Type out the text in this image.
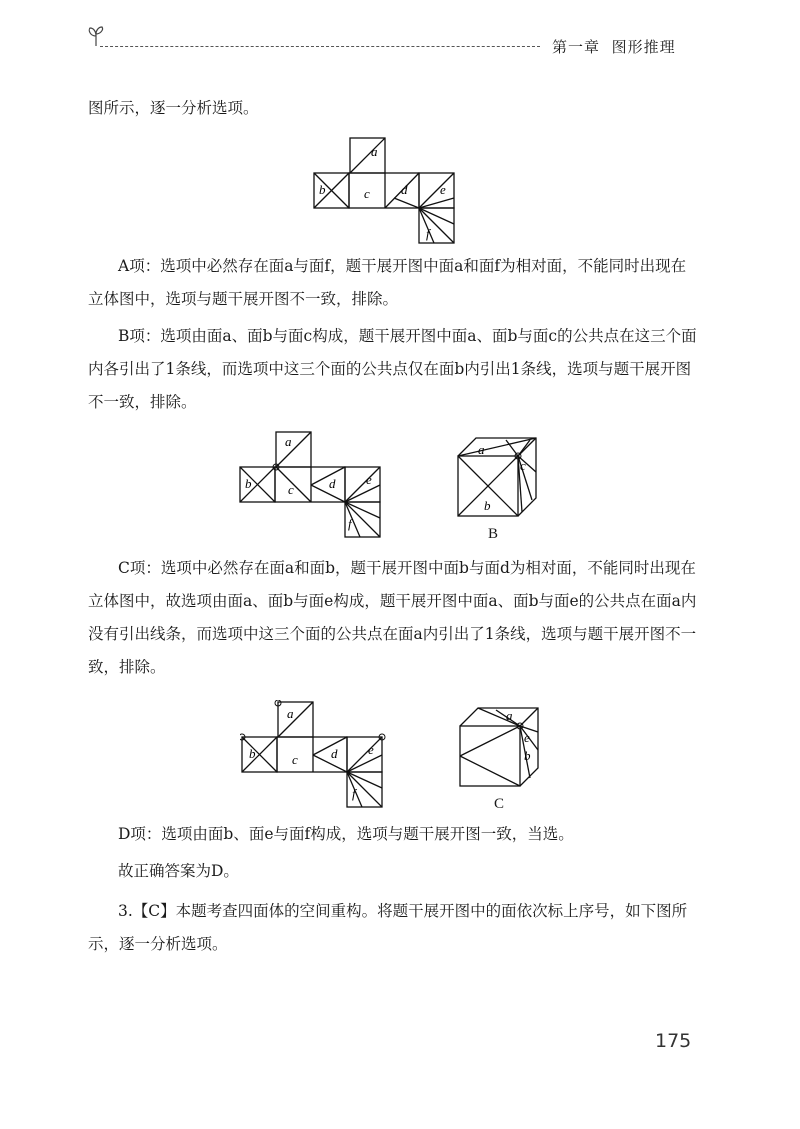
第一章 图形推理

图所示，逐一分析选项。

a
b	c d	e
f

A项：选项中必然存在面a与面f，题干展开图中面a和面f为相对面，不能同时出现在立体图中，选项与题干展开图不一致，排除。

B项：选项由面a、面b与面c构成，题干展开图中面a、面b与面c的公共点在这三个面内各引出了1条线，而选项中这三个面的公共点仅在面b内引出1条线，选项与题干展开图不一致，排除。

a
b	c	d e
f
a
b
c
B

C项：选项中必然存在面a和面b，题干展开图中面b与面d为相对面，不能同时出现在立体图中，故选项由面a、面b与面e构成，题干展开图中面a、面b与面e的公共点在面a内没有引出线条，而选项中这三个面的公共点在面a内引出了1条线，选项与题干展开图不一致，排除。

a
b	c	d e
f
a
b
e
C

D项：选项由面b、面e与面f构成，选项与题干展开图一致，当选。

故正确答案为D。

3.【C】本题考查四面体的空间重构。将题干展开图中的面依次标上序号，如下图所示，逐一分析选项。

175
